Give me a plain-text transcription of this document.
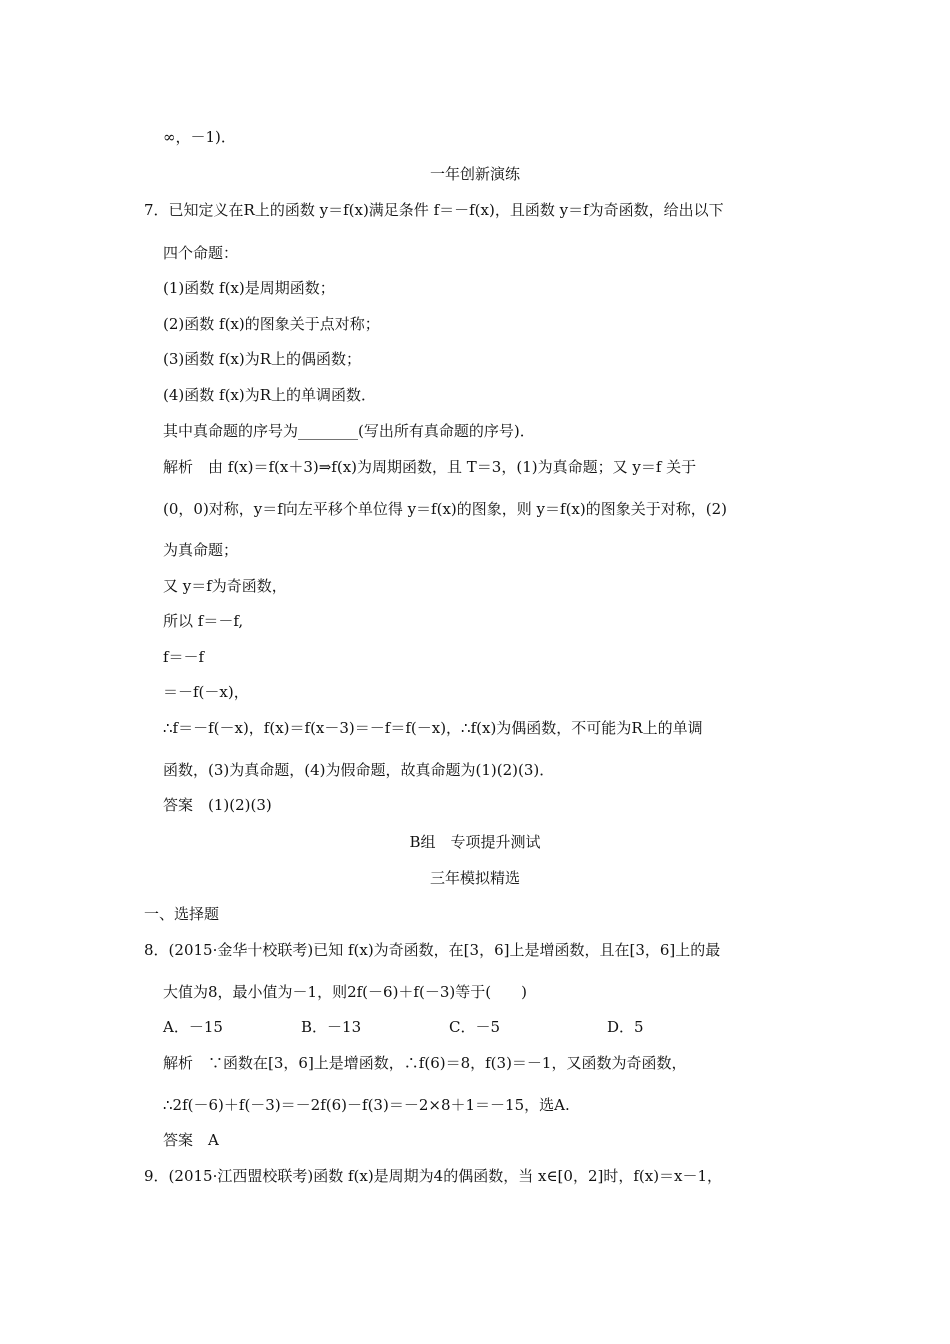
∞，－1)．
一年创新演练
7．已知定义在R上的函数 y＝f(x)满足条件 f＝－f(x)，且函数 y＝f为奇函数，给出以下
四个命题：
(1)函数 f(x)是周期函数；
(2)函数 f(x)的图象关于点对称；
(3)函数 f(x)为R上的偶函数；
(4)函数 f(x)为R上的单调函数．
其中真命题的序号为________(写出所有真命题的序号)．
解析　由 f(x)＝f(x＋3)⇒f(x)为周期函数，且 T＝3，(1)为真命题；又 y＝f 关于
(0，0)对称，y＝f向左平移个单位得 y＝f(x)的图象，则 y＝f(x)的图象关于对称，(2)
为真命题；
又 y＝f为奇函数，
所以 f＝－f,
f＝－f
＝－f(－x)，
∴f＝－f(－x)，f(x)＝f(x－3)＝－f＝f(－x)，∴f(x)为偶函数，不可能为R上的单调
函数，(3)为真命题，(4)为假命题，故真命题为(1)(2)(3)．
答案　(1)(2)(3)
B组　专项提升测试
三年模拟精选
一、选择题
8．(2015·金华十校联考)已知 f(x)为奇函数，在[3，6]上是增函数，且在[3，6]上的最
大值为8，最小值为－1，则2f(－6)＋f(－3)等于(　　)
A．－15	B．－13	C．－5	D．5
解析　∵函数在[3，6]上是增函数，∴f(6)＝8，f(3)＝－1，又函数为奇函数，
∴2f(－6)＋f(－3)＝－2f(6)－f(3)＝－2×8＋1＝－15，选A.
答案　A
9．(2015·江西盟校联考)函数 f(x)是周期为4的偶函数，当 x∈[0，2]时，f(x)＝x－1，
